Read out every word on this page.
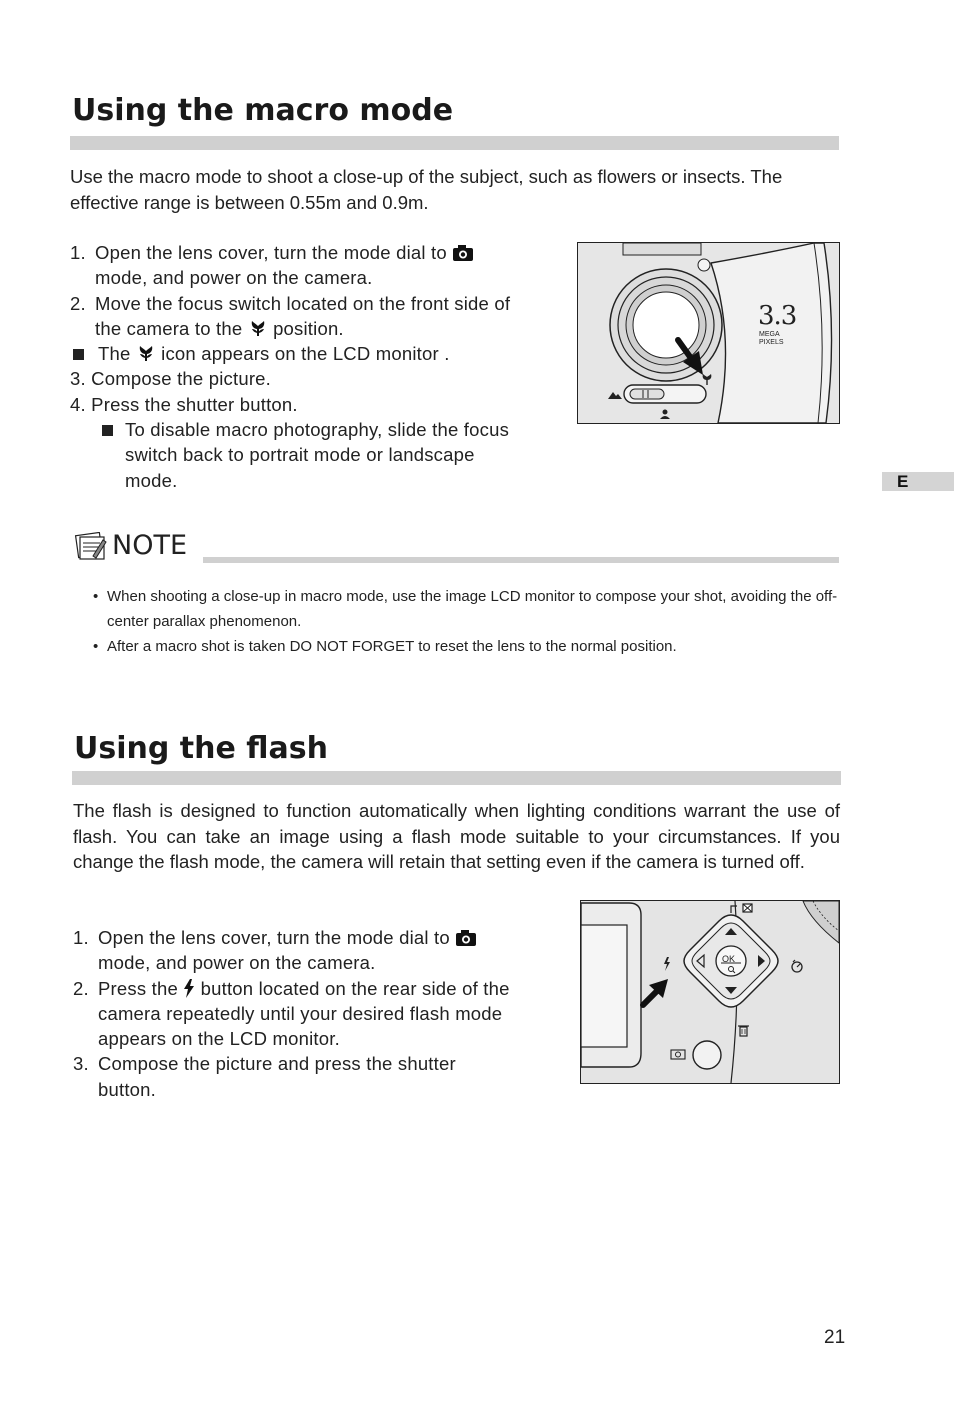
Using the macro mode

Use the macro mode to shoot a close-up of the subject, such as flowers or insects. The effective range is between 0.55m and 0.9m.

1. Open the lens cover, turn the mode dial to  mode, and power on the camera.
2. Move the focus switch located on the front side of the camera to the position.
The icon appears on the LCD monitor .
3. Compose the picture.
4. Press the shutter button.
To disable macro photography, slide the focus switch back to portrait mode or landscape mode.
3.3
MEGA
PIXELS
E
NOTE
• When shooting a close-up in macro mode, use the image LCD monitor to compose your shot, avoiding the off-center parallax phenomenon.
• After a macro shot is taken DO NOT FORGET to reset the lens to the normal position.
Using the flash

The flash is designed to function automatically when lighting conditions warrant the use of flash. You can take an image using a flash mode suitable to your circumstances. If you change the flash mode, the camera will retain that setting even if the camera is turned off.

1. Open the lens cover, turn the mode dial to  mode, and power on the camera.
2. Press the button located on the rear side of the camera repeatedly until your desired flash mode appears on the LCD monitor.
3. Compose the picture and press the shutter button.
OK
21
